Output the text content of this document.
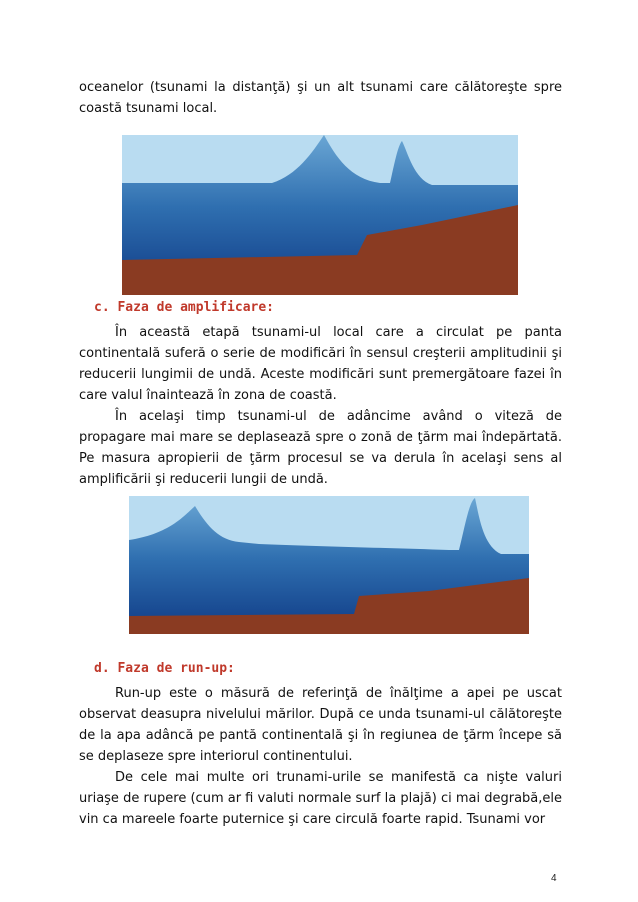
oceanelor (tsunami la distanţă) şi un alt tsunami care călătoreşte spre coastă tsunami local.

c. Faza de amplificare:

În această etapă tsunami-ul local care a circulat pe panta continentală suferă o serie de modificări în sensul creşterii amplitudinii şi reducerii lungimii de undă. Aceste modificări sunt premergătoare fazei în care valul înaintează în zona de coastă.

În acelaşi timp tsunami-ul de adâncime având o viteză de propagare mai mare se deplasează spre o zonă de ţărm mai îndepărtată. Pe masura apropierii de ţărm procesul se va derula în acelaşi sens al amplificării şi reducerii lungii de undă.

d. Faza de run-up:

Run-up este o măsură de referinţă de înălţime a apei pe uscat observat deasupra nivelului mărilor. După ce unda tsunami-ul călătoreşte de la apa adâncă pe pantă continentală şi în regiunea de ţărm începe să se deplaseze spre interiorul continentului.

De cele mai multe ori trunami-urile se manifestă ca nişte valuri uriaşe de rupere (cum ar fi valuti normale surf la plajă) ci mai degrabă,ele vin ca mareele foarte puternice şi care circulă foarte rapid. Tsunami vor

4
